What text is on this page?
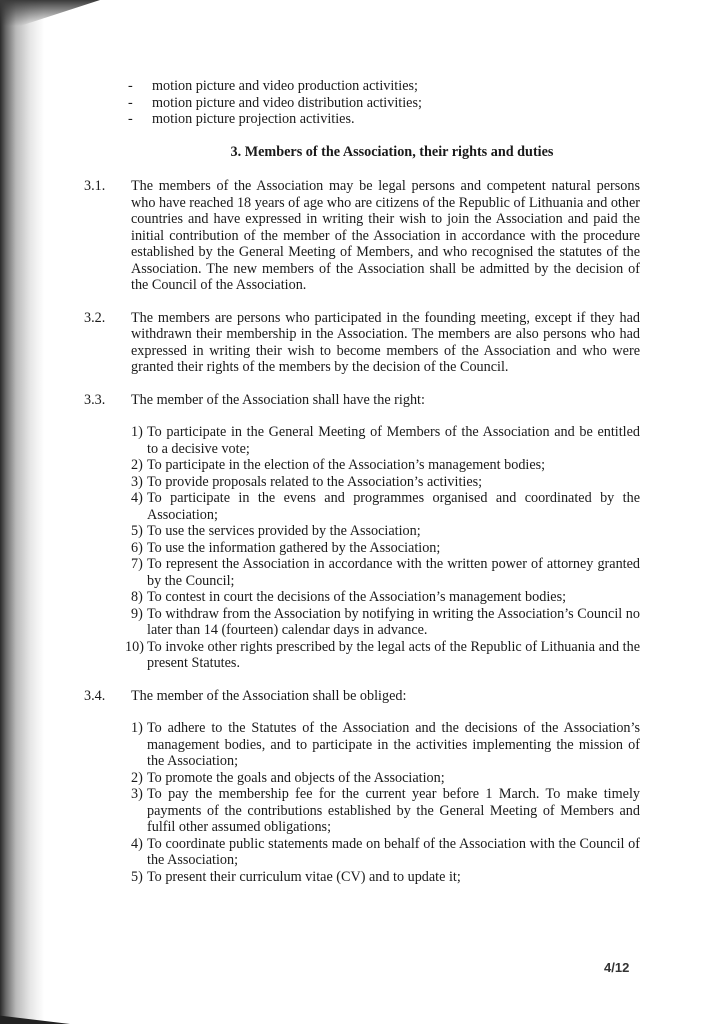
- motion picture and video production activities;
- motion picture and video distribution activities;
- motion picture projection activities.
3. Members of the Association, their rights and duties
3.1.	The members of the Association may be legal persons and competent natural persons who have reached 18 years of age who are citizens of the Republic of Lithuania and other countries and have expressed in writing their wish to join the Association and paid the initial contribution of the member of the Association in accordance with the procedure established by the General Meeting of Members, and who recognised the statutes of the Association. The new members of the Association shall be admitted by the decision of the Council of the Association.

3.2.	The members are persons who participated in the founding meeting, except if they had withdrawn their membership in the Association. The members are also persons who had expressed in writing their wish to become members of the Association and who were granted their rights of the members by the decision of the Council.

3.3.	The member of the Association shall have the right:

1) To participate in the General Meeting of Members of the Association and be entitled to a decisive vote;
2) To participate in the election of the Association’s management bodies;
3) To provide proposals related to the Association’s activities;
4) To participate in the evens and programmes organised and coordinated by the Association;
5) To use the services provided by the Association;
6) To use the information gathered by the Association;
7) To represent the Association in accordance with the written power of attorney granted by the Council;
8) To contest in court the decisions of the Association’s management bodies;
9) To withdraw from the Association by notifying in writing the Association’s Council no later than 14 (fourteen) calendar days in advance.
10) To invoke other rights prescribed by the legal acts of the Republic of Lithuania and the present Statutes.
3.4.	The member of the Association shall be obliged:

1) To adhere to the Statutes of the Association and the decisions of the Association’s management bodies, and to participate in the activities implementing the mission of the Association;
2) To promote the goals and objects of the Association;
3) To pay the membership fee for the current year before 1 March. To make timely payments of the contributions established by the General Meeting of Members and fulfil other assumed obligations;
4) To coordinate public statements made on behalf of the Association with the Council of the Association;
5) To present their curriculum vitae (CV) and to update it;
4/12
